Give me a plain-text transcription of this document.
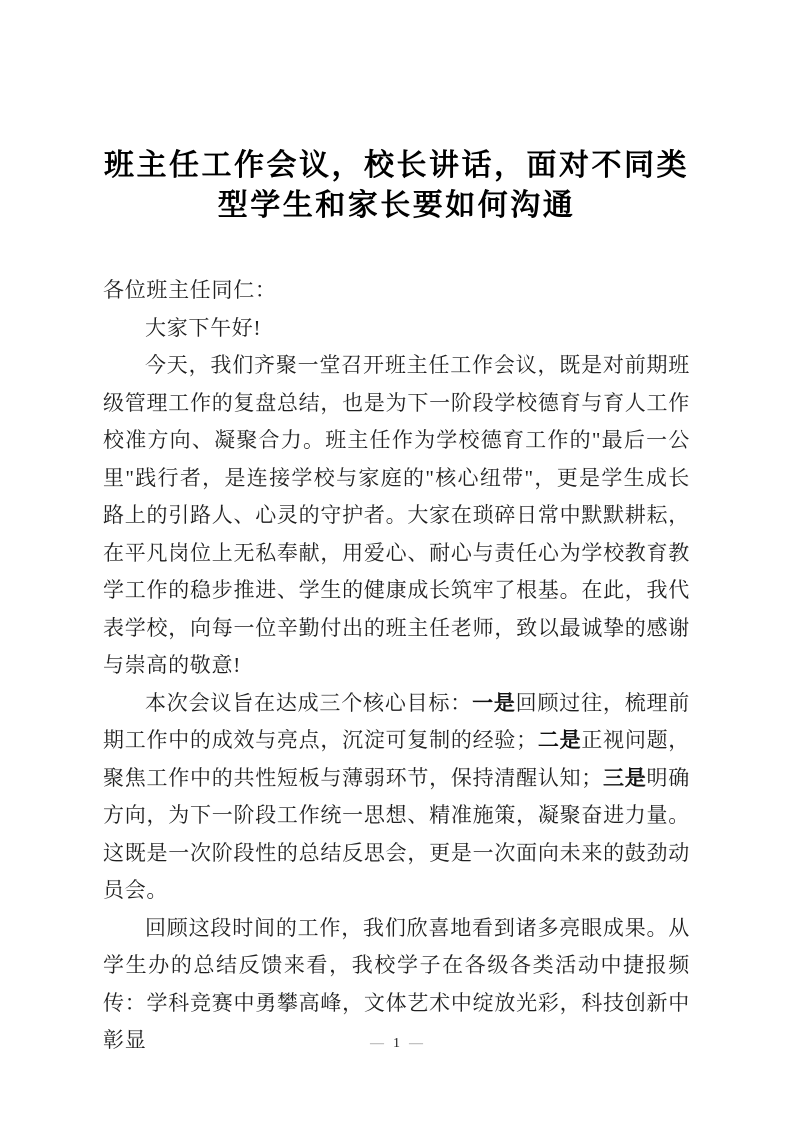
班主任工作会议，校长讲话，面对不同类
型学生和家长要如何沟通

各位班主任同仁：

大家下午好!

今天，我们齐聚一堂召开班主任工作会议，既是对前期班级管理工作的复盘总结，也是为下一阶段学校德育与育人工作校准方向、凝聚合力。班主任作为学校德育工作的"最后一公里"践行者，是连接学校与家庭的"核心纽带"，更是学生成长路上的引路人、心灵的守护者。大家在琐碎日常中默默耕耘，在平凡岗位上无私奉献，用爱心、耐心与责任心为学校教育教学工作的稳步推进、学生的健康成长筑牢了根基。在此，我代表学校，向每一位辛勤付出的班主任老师，致以最诚挚的感谢与崇高的敬意!

本次会议旨在达成三个核心目标：一是回顾过往，梳理前期工作中的成效与亮点，沉淀可复制的经验；二是正视问题，聚焦工作中的共性短板与薄弱环节，保持清醒认知；三是明确方向，为下一阶段工作统一思想、精准施策，凝聚奋进力量。这既是一次阶段性的总结反思会，更是一次面向未来的鼓劲动员会。

回顾这段时间的工作，我们欣喜地看到诸多亮眼成果。从学生办的总结反馈来看，我校学子在各级各类活动中捷报频传：学科竞赛中勇攀高峰，文体艺术中绽放光彩，科技创新中彰显	— 1 —
